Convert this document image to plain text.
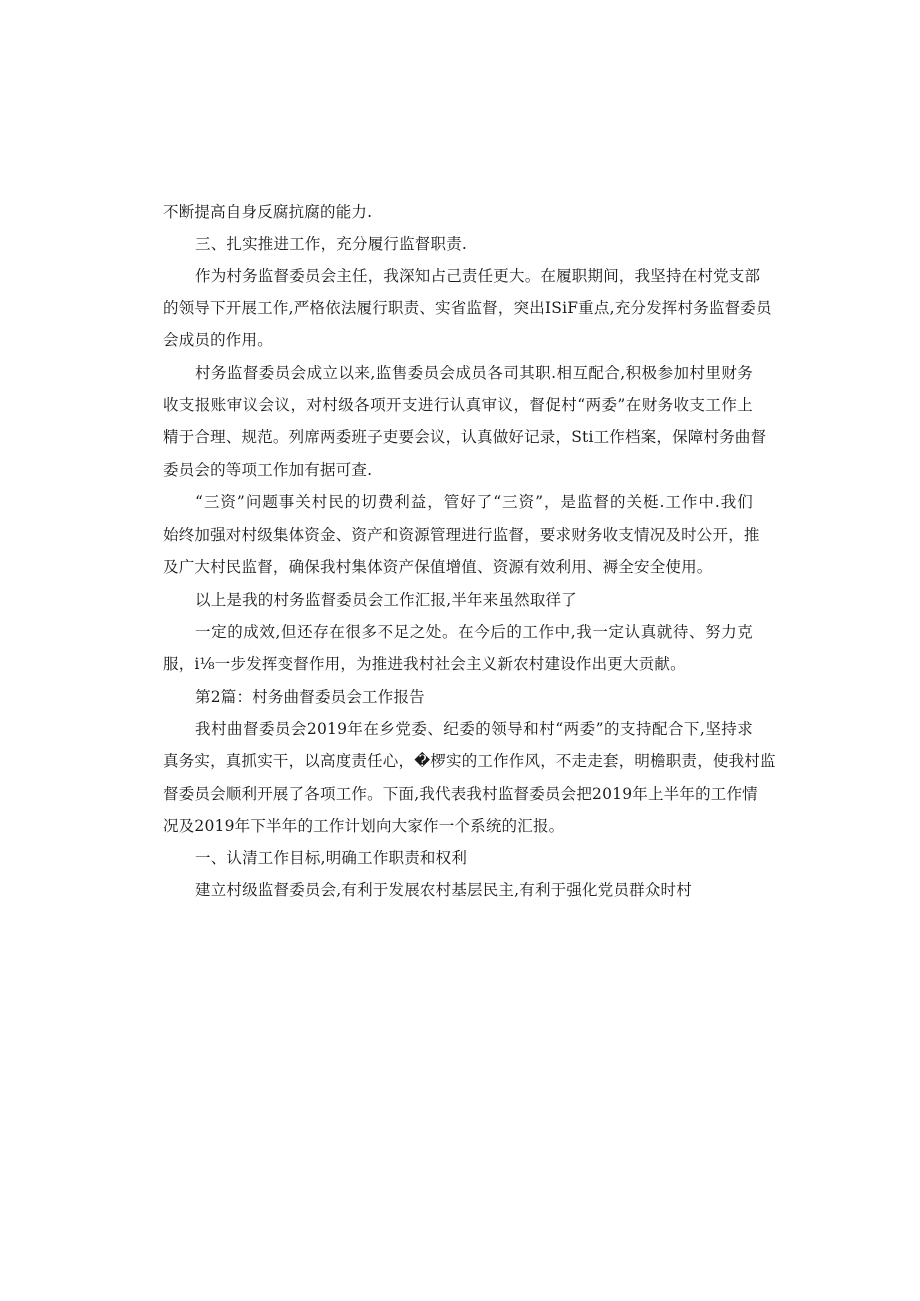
不断提高自身反腐抗腐的能力.
三、扎实推进工作，充分履行监督职责.
作为村务监督委员会主任，我深知占己责任更大。在履职期间，我坚持在村党支部
的领导下开展工作,严格依法履行职责、实省监督，突出ISiF重点,充分发挥村务监督委员
会成员的作用。
村务监督委员会成立以来,监售委员会成员各司其职.相互配合,积极参加村里财务
收支报账审议会议，对村级各项开支进行认真审议，督促村“两委”在财务收支工作上
精于合理、规范。列席两委班子吏要会议，认真做好记录，Sti工作档案，保障村务曲督
委员会的等项工作加有据可查.
“三资”问题事关村民的切费利益，管好了“三资”，是监督的关梃.工作中.我们
始终加强对村级集体资金、资产和资源管理进行监督，要求财务收支情况及时公开，推
及广大村民监督，确保我村集体资产保值增值、资源有效利用、褥全安全使用。
以上是我的村务监督委员会工作汇报,半年来虽然取徉了
一定的成效,但还存在很多不足之处。在今后的工作中,我一定认真就待、努力克
服，i⅛一步发挥变督作用，为推进我村社会主义新农村建设作出更大贡献。
第2篇：村务曲督委员会工作报告
我村曲督委员会2019年在乡党委、纪委的领导和村“两委”的支持配合下,坚持求
真务实，真抓实干，以高度责任心，�椤实的工作作风，不走走套，明檐职责，使我村监
督委员会顺利开展了各项工作。下面,我代表我村监督委员会把2019年上半年的工作情
况及2019年下半年的工作计划向大家作一个系统的汇报。
一、认清工作目标,明确工作职责和权利
建立村级监督委员会,有利于发展农村基层民主,有利于强化党员群众时村
